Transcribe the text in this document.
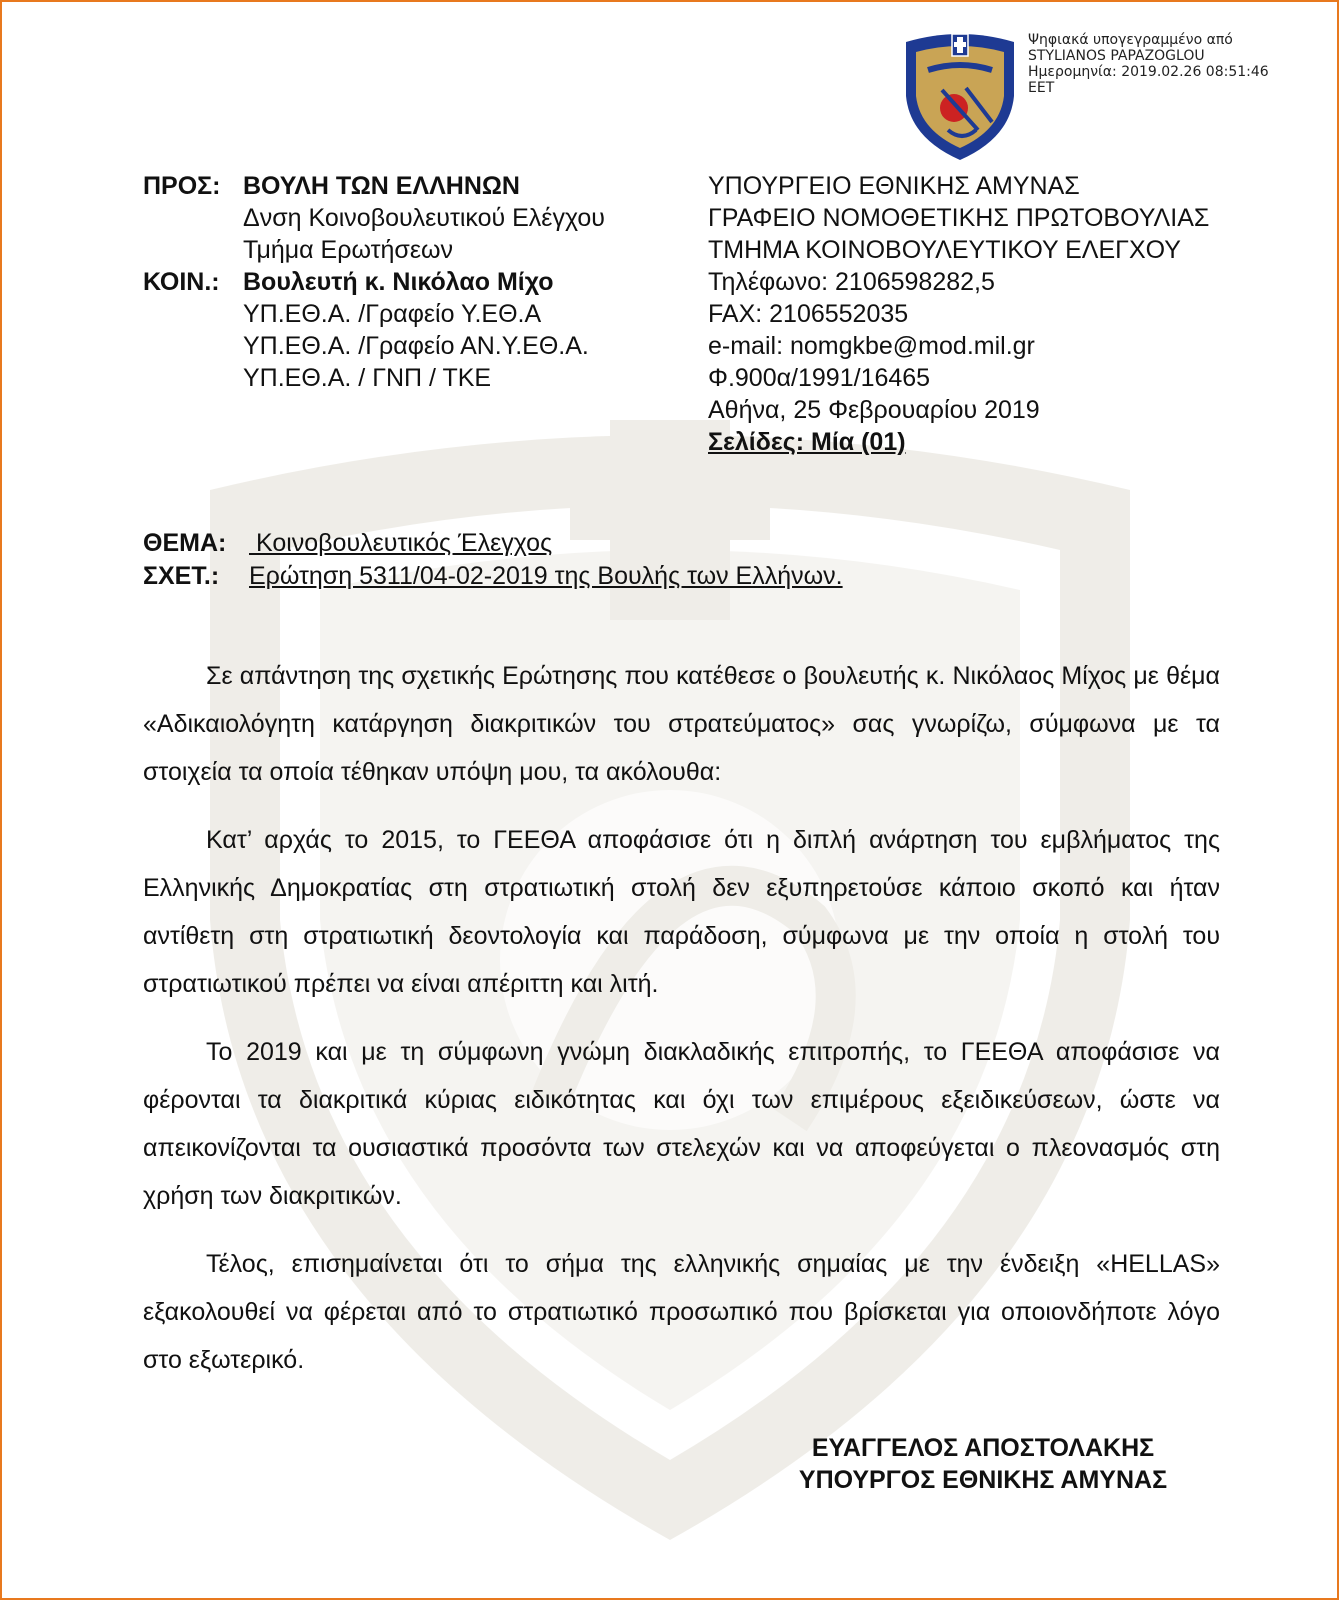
Ψηφιακά υπογεγραμμένο από
STYLIANOS PAPAZOGLOU
Ημερομηνία: 2019.02.26 08:51:46
EET
ΠΡΟΣ: ΒΟΥΛΗ ΤΩΝ ΕΛΛΗΝΩΝ
Δνση Κοινοβουλευτικού Ελέγχου
Τμήμα Ερωτήσεων
ΚΟΙΝ.: Βουλευτή κ. Νικόλαο Μίχο
ΥΠ.ΕΘ.Α. /Γραφείο Υ.ΕΘ.Α
ΥΠ.ΕΘ.Α. /Γραφείο ΑΝ.Υ.ΕΘ.Α.
ΥΠ.ΕΘ.Α. / ΓΝΠ / ΤΚΕ
ΥΠΟΥΡΓΕΙΟ ΕΘΝΙΚΗΣ ΑΜΥΝΑΣ
ΓΡΑΦΕΙΟ ΝΟΜΟΘΕΤΙΚΗΣ ΠΡΩΤΟΒΟΥΛΙΑΣ
ΤΜΗΜΑ ΚΟΙΝΟΒΟΥΛΕΥΤΙΚΟΥ ΕΛΕΓΧΟΥ
Τηλέφωνο: 2106598282,5
FAX: 2106552035
e-mail: nomgkbe@mod.mil.gr
Φ.900α/1991/16465
Αθήνα, 25 Φεβρουαρίου 2019
Σελίδες: Μία (01)
ΘΕΜΑ: Κοινοβουλευτικός Έλεγχος
ΣΧΕΤ.:	Ερώτηση 5311/04-02-2019 της Βουλής των Ελλήνων.

Σε απάντηση της σχετικής Ερώτησης που κατέθεσε ο βουλευτής κ. Νικόλαος Μίχος με θέμα «Αδικαιολόγητη κατάργηση διακριτικών του στρατεύματος» σας γνωρίζω, σύμφωνα με τα στοιχεία τα οποία τέθηκαν υπόψη μου, τα ακόλουθα:

Κατ’ αρχάς το 2015, το ΓΕΕΘΑ αποφάσισε ότι η διπλή ανάρτηση του εμβλήματος της Ελληνικής Δημοκρατίας στη στρατιωτική στολή δεν εξυπηρετούσε κάποιο σκοπό και ήταν αντίθετη στη στρατιωτική δεοντολογία και παράδοση, σύμφωνα με την οποία η στολή του στρατιωτικού πρέπει να είναι απέριττη και λιτή.

Το 2019 και με τη σύμφωνη γνώμη διακλαδικής επιτροπής, το ΓΕΕΘΑ αποφάσισε να φέρονται τα διακριτικά κύριας ειδικότητας και όχι των επιμέρους εξειδικεύσεων, ώστε να απεικονίζονται τα ουσιαστικά προσόντα των στελεχών και να αποφεύγεται ο πλεονασμός στη χρήση των διακριτικών.

Τέλος, επισημαίνεται ότι το σήμα της ελληνικής σημαίας με την ένδειξη «HELLAS» εξακολουθεί να φέρεται από το στρατιωτικό προσωπικό που βρίσκεται για οποιονδήποτε λόγο στο εξωτερικό.

ΕΥΑΓΓΕΛΟΣ ΑΠΟΣΤΟΛΑΚΗΣ
ΥΠΟΥΡΓΟΣ ΕΘΝΙΚΗΣ ΑΜΥΝΑΣ
